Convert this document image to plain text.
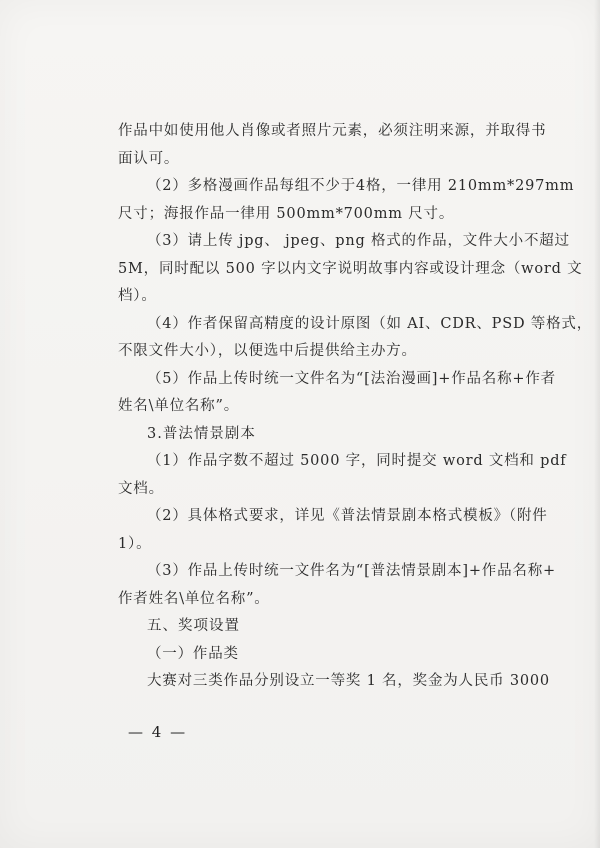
作品中如使用他人肖像或者照片元素，必须注明来源，并取得书
面认可。
（2）多格漫画作品每组不少于4格，一律用 210mm*297mm
尺寸；海报作品一律用 500mm*700mm 尺寸。
（3）请上传 jpg、 jpeg、png 格式的作品，文件大小不超过
5M，同时配以 500 字以内文字说明故事内容或设计理念（word 文
档）。
（4）作者保留高精度的设计原图（如 AI、CDR、PSD 等格式，
不限文件大小），以便选中后提供给主办方。
（5）作品上传时统一文件名为“[法治漫画]+作品名称+作者
姓名\单位名称”。
3.普法情景剧本
（1）作品字数不超过 5000 字，同时提交 word 文档和 pdf
文档。
（2）具体格式要求，详见《普法情景剧本格式模板》（附件
1）。
（3）作品上传时统一文件名为“[普法情景剧本]+作品名称+
作者姓名\单位名称”。
五、奖项设置
（一）作品类
大赛对三类作品分别设立一等奖 1 名，奖金为人民币 3000
— 4 —
